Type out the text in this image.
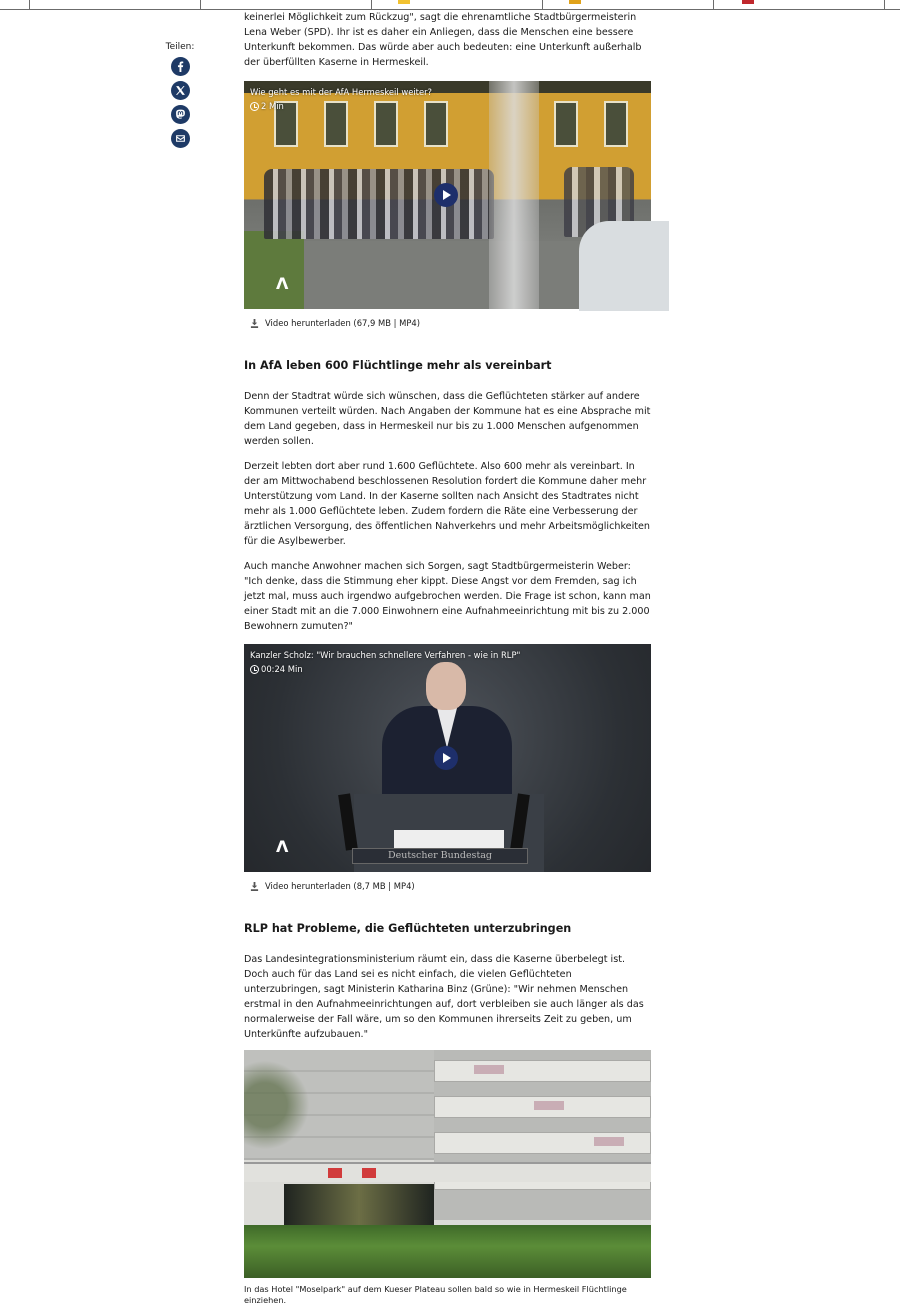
Teilen:

keinerlei Möglichkeit zum Rückzug", sagt die ehrenamtliche Stadtbürgermeisterin Lena Weber (SPD). Ihr ist es daher ein Anliegen, dass die Menschen eine bessere Unterkunft bekommen. Das würde aber auch bedeuten: eine Unterkunft außerhalb der überfüllten Kaserne in Hermeskeil.

Wie geht es mit der AfA Hermeskeil weiter?
2 Min
Λ
Video herunterladen (67,9 MB | MP4)
In AfA leben 600 Flüchtlinge mehr als vereinbart

Denn der Stadtrat würde sich wünschen, dass die Geflüchteten stärker auf andere Kommunen verteilt würden. Nach Angaben der Kommune hat es eine Absprache mit dem Land gegeben, dass in Hermeskeil nur bis zu 1.000 Menschen aufgenommen werden sollen.

Derzeit lebten dort aber rund 1.600 Geflüchtete. Also 600 mehr als vereinbart. In der am Mittwochabend beschlossenen Resolution fordert die Kommune daher mehr Unterstützung vom Land. In der Kaserne sollten nach Ansicht des Stadtrates nicht mehr als 1.000 Geflüchtete leben. Zudem fordern die Räte eine Verbesserung der ärztlichen Versorgung, des öffentlichen Nahverkehrs und mehr Arbeitsmöglichkeiten für die Asylbewerber.

Auch manche Anwohner machen sich Sorgen, sagt Stadtbürgermeisterin Weber: "Ich denke, dass die Stimmung eher kippt. Diese Angst vor dem Fremden, sag ich jetzt mal, muss auch irgendwo aufgebrochen werden. Die Frage ist schon, kann man einer Stadt mit an die 7.000 Einwohnern eine Aufnahmeeinrichtung mit bis zu 2.000 Bewohnern zumuten?"

Deutscher Bundestag
Kanzler Scholz: "Wir brauchen schnellere Verfahren - wie in RLP"
00:24 Min
Λ
Video herunterladen (8,7 MB | MP4)
RLP hat Probleme, die Geflüchteten unterzubringen

Das Landesintegrationsministerium räumt ein, dass die Kaserne überbelegt ist. Doch auch für das Land sei es nicht einfach, die vielen Geflüchteten unterzubringen, sagt Ministerin Katharina Binz (Grüne): "Wir nehmen Menschen erstmal in den Aufnahmeeinrichtungen auf, dort verbleiben sie auch länger als das normalerweise der Fall wäre, um so den Kommunen ihrerseits Zeit zu geben, um Unterkünfte aufzubauen."

In das Hotel "Moselpark" auf dem Kueser Plateau sollen bald so wie in Hermeskeil Flüchtlinge einziehen.
